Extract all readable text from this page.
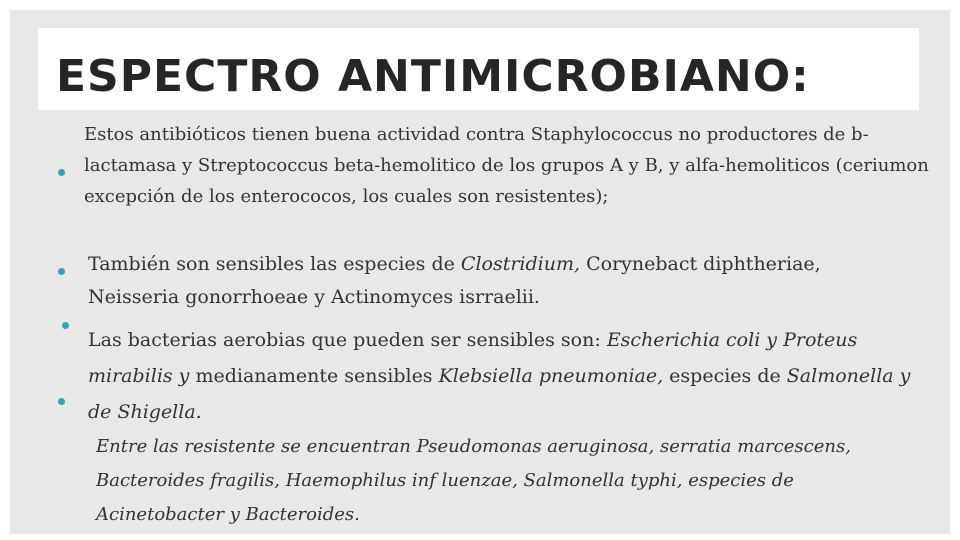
ESPECTRO ANTIMICROBIANO:

Estos antibióticos tienen buena actividad contra Staphylococcus no productores de b-lactamasa y Streptococcus beta-hemolitico de los grupos A y B, y alfa-hemoliticos (ceriumon excepción de los enterococos, los cuales son resistentes);

También son sensibles las especies de Clostridium, Corynebact diphtheriae, Neisseria gonorrhoeae y Actinomyces isrraelii.

Las bacterias aerobias que pueden ser sensibles son: Escherichia coli y Proteus mirabilis y medianamente sensibles Klebsiella pneumoniae, especies de Salmonella y de Shigella.

Entre las resistente se encuentran Pseudomonas aeruginosa, serratia marcescens, Bacteroides fragilis, Haemophilus inf luenzae, Salmonella typhi, especies de Acinetobacter y Bacteroides.
